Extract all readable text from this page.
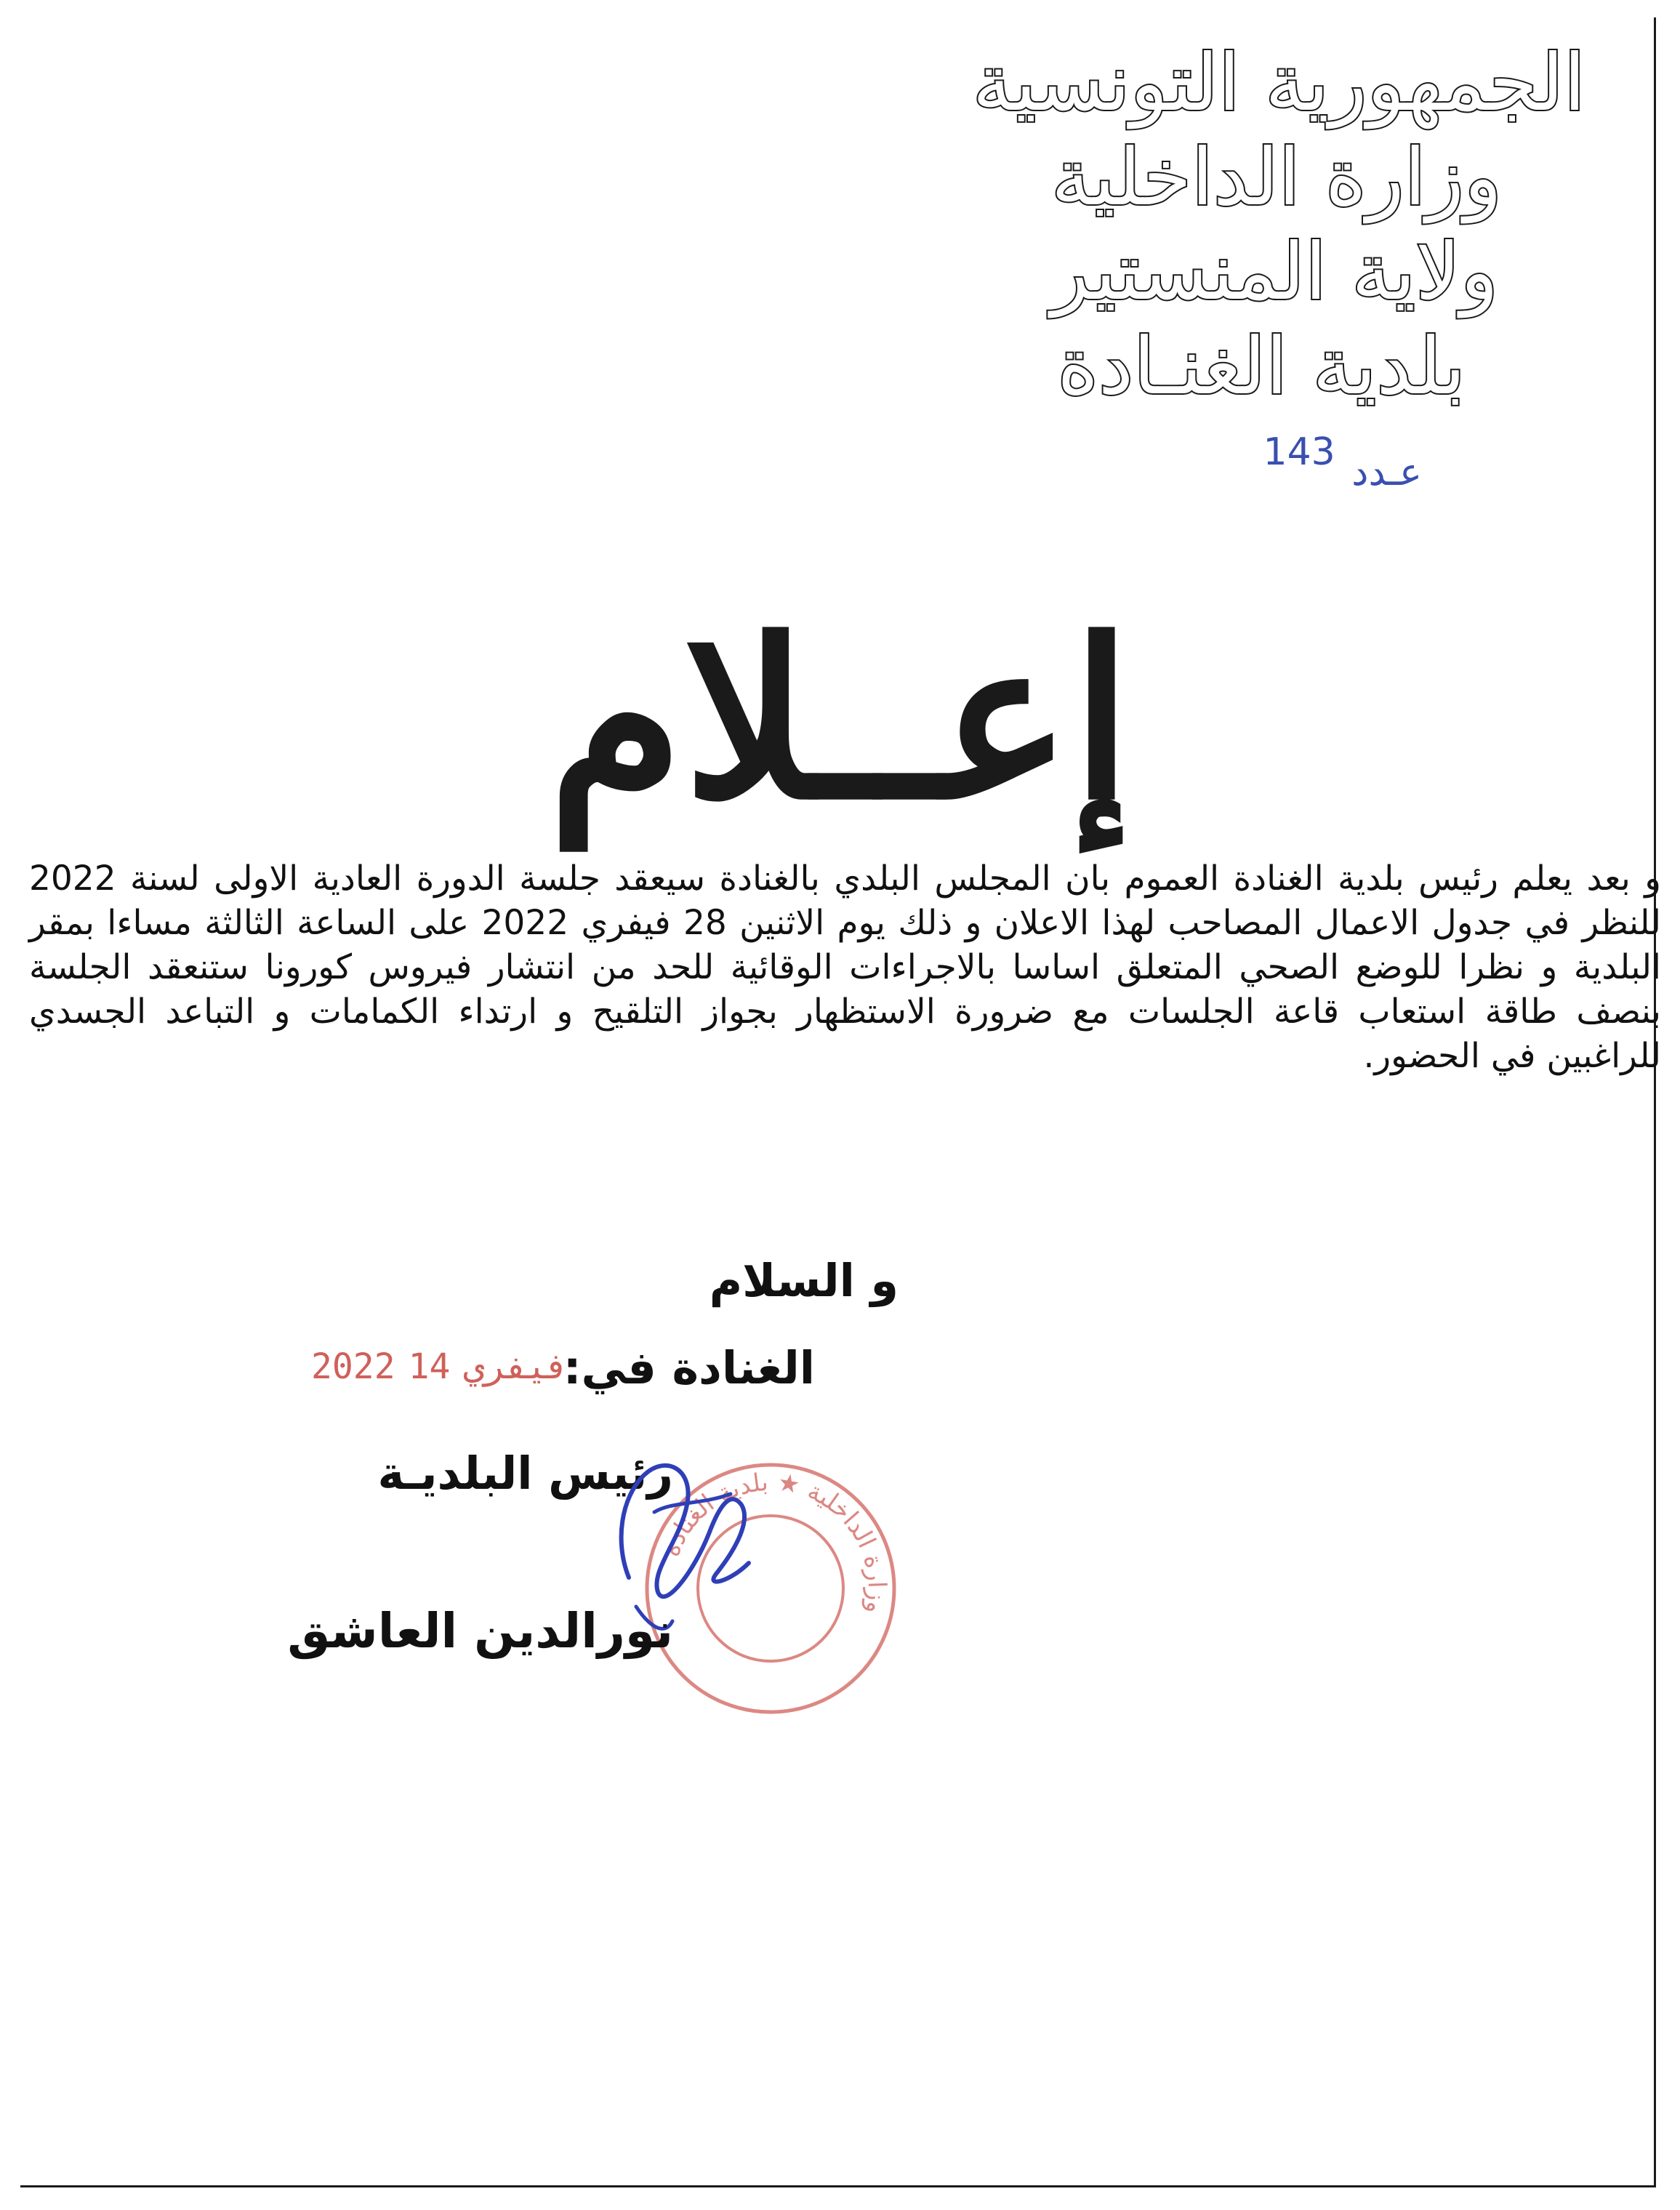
الجمهورية التونسية
وزارة الداخلية
ولاية المنستير
بلدية الغنـادة
عـدد 143
إعــلام
و بعد يعلم رئيس بلدية الغنادة العموم بان المجلس البلدي بالغنادة سيعقد جلسة الدورة العادية الاولى لسنة 2022 للنظر في جدول الاعمال المصاحب لهذا الاعلان و ذلك يوم الاثنين 28 فيفري 2022 على الساعة الثالثة مساءا بمقر البلدية و نظرا للوضع الصحي المتعلق اساسا بالاجراءات الوقائية للحد من انتشار فيروس كورونا ستنعقد الجلسة بنصف طاقة استعاب قاعة الجلسات مع ضرورة الاستظهار بجواز التلقيح و ارتداء الكمامات و التباعد الجسدي للراغبين في الحضور.
و السلام
الغنادة في:
2022 فيفري14
رئيس البلديـة
وزارة الداخلية ★ بلدية الغنادة
نورالدين العاشق
